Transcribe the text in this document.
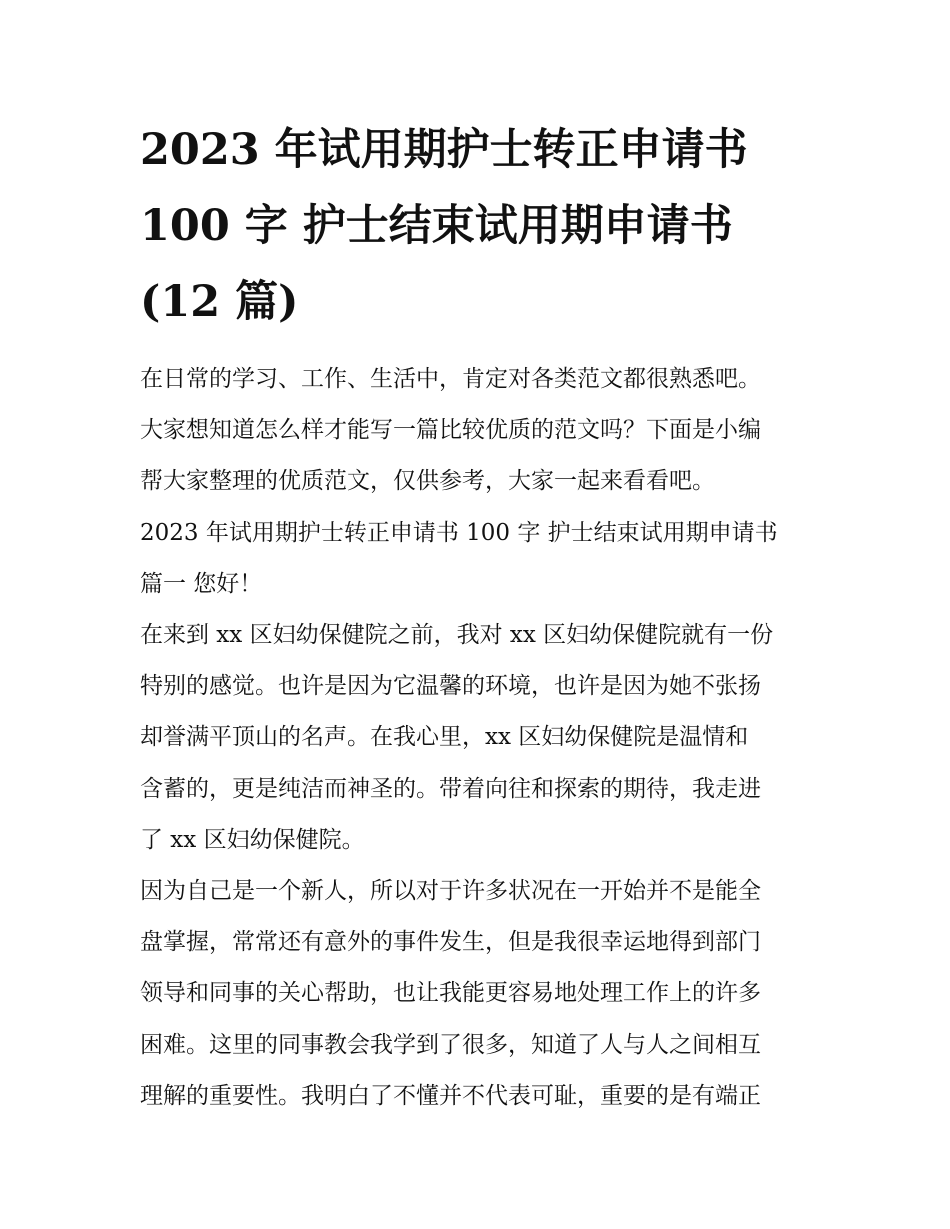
2023 年试用期护士转正申请书
100 字 护士结束试用期申请书
(12 篇)

在日常的学习、工作、生活中，肯定对各类范文都很熟悉吧。
大家想知道怎么样才能写一篇比较优质的范文吗？下面是小编
帮大家整理的优质范文，仅供参考，大家一起来看看吧。

2023 年试用期护士转正申请书 100 字 护士结束试用期申请书
篇一 您好！

在来到 xx 区妇幼保健院之前，我对 xx 区妇幼保健院就有一份
特别的感觉。也许是因为它温馨的环境，也许是因为她不张扬
却誉满平顶山的名声。在我心里，xx 区妇幼保健院是温情和
含蓄的，更是纯洁而神圣的。带着向往和探索的期待，我走进
了 xx 区妇幼保健院。

因为自己是一个新人，所以对于许多状况在一开始并不是能全
盘掌握，常常还有意外的事件发生，但是我很幸运地得到部门
领导和同事的关心帮助，也让我能更容易地处理工作上的许多
困难。这里的同事教会我学到了很多，知道了人与人之间相互
理解的重要性。我明白了不懂并不代表可耻，重要的是有端正
